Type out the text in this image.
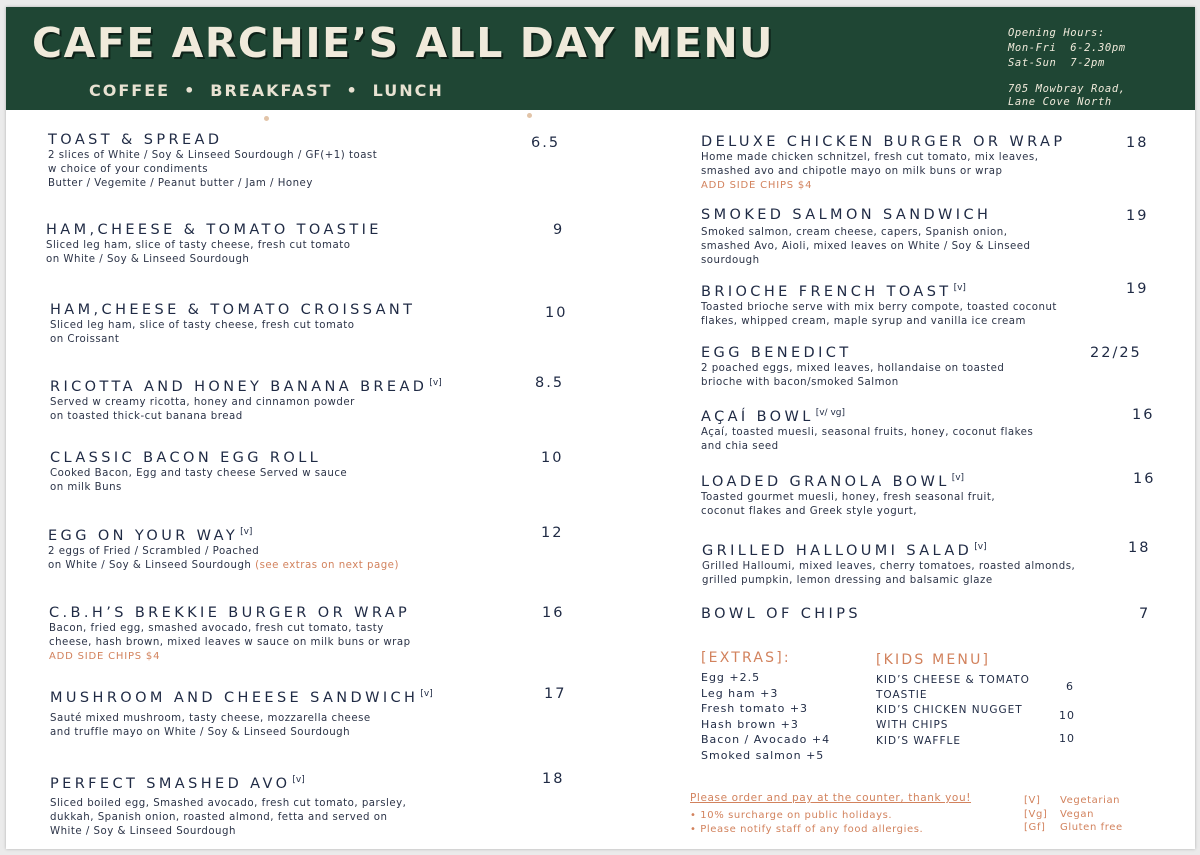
CAFE ARCHIE’S ALL DAY MENU
COFFEE • BREAKFAST • LUNCH
Opening Hours:
Mon-Fri  6-2.30pm
Sat-Sun  7-2pm
705 Mowbray Road,
Lane Cove North
TOAST & SPREAD
2 slices of White / Soy & Linseed Sourdough / GF(+1) toast
w choice of your condiments
Butter / Vegemite / Peanut butter / Jam / Honey
6.5
HAM,CHEESE & TOMATO TOASTIE
Sliced leg ham, slice of tasty cheese, fresh cut tomato
on White / Soy & Linseed Sourdough
9
HAM,CHEESE & TOMATO CROISSANT
Sliced leg ham, slice of tasty cheese, fresh cut tomato
on Croissant
10
RICOTTA AND HONEY BANANA BREAD [v]
Served w creamy ricotta, honey and cinnamon powder
on toasted thick-cut banana bread
8.5
CLASSIC BACON EGG ROLL
Cooked Bacon, Egg and tasty cheese Served w sauce
on milk Buns
10
EGG ON YOUR WAY [v]
2 eggs of Fried / Scrambled / Poached
on White / Soy & Linseed Sourdough (see extras on next page)
12
C.B.H’S BREKKIE BURGER OR WRAP
Bacon, fried egg, smashed avocado, fresh cut tomato, tasty
cheese, hash brown, mixed leaves w sauce on milk buns or wrap
ADD SIDE CHIPS $4
16
MUSHROOM AND CHEESE SANDWICH [v]
Sauté mixed mushroom, tasty cheese, mozzarella cheese
and truffle mayo on White / Soy & Linseed Sourdough
17
PERFECT SMASHED AVO [v]
Sliced boiled egg, Smashed avocado, fresh cut tomato, parsley,
dukkah, Spanish onion, roasted almond, fetta and served on
White / Soy & Linseed Sourdough
18
DELUXE CHICKEN BURGER OR WRAP
Home made chicken schnitzel, fresh cut tomato, mix leaves,
smashed avo and chipotle mayo on milk buns or wrap
ADD SIDE CHIPS $4
18
SMOKED SALMON SANDWICH
Smoked salmon, cream cheese, capers, Spanish onion,
smashed Avo, Aioli, mixed leaves on White / Soy & Linseed
sourdough
19
BRIOCHE FRENCH TOAST [v]
Toasted brioche serve with mix berry compote, toasted coconut
flakes, whipped cream, maple syrup and vanilla ice cream
19
EGG BENEDICT
2 poached eggs, mixed leaves, hollandaise on toasted
brioche with bacon/smoked Salmon
22/25
AÇAÍ BOWL [v/ vg]
Açaí, toasted muesli, seasonal fruits, honey, coconut flakes
and chia seed
16
LOADED GRANOLA BOWL [v]
Toasted gourmet muesli, honey, fresh seasonal fruit,
coconut flakes and Greek style yogurt,
16
GRILLED HALLOUMI SALAD [v]
Grilled Halloumi, mixed leaves, cherry tomatoes, roasted almonds,
grilled pumpkin, lemon dressing and balsamic glaze
18
BOWL OF CHIPS	7
[EXTRAS]:
Egg +2.5
Leg ham +3
Fresh tomato +3
Hash brown +3
Bacon / Avocado +4
Smoked salmon +5
[KIDS MENU]
KID’S CHEESE & TOMATO
TOASTIE
6
KID’S CHICKEN NUGGET
WITH CHIPS
10
KID’S WAFFLE	10
Please order and pay at the counter, thank you!
• 10% surcharge on public holidays.
• Please notify staff of any food allergies.
[V]	Vegetarian
[Vg]	Vegan
[Gf]	Gluten free
